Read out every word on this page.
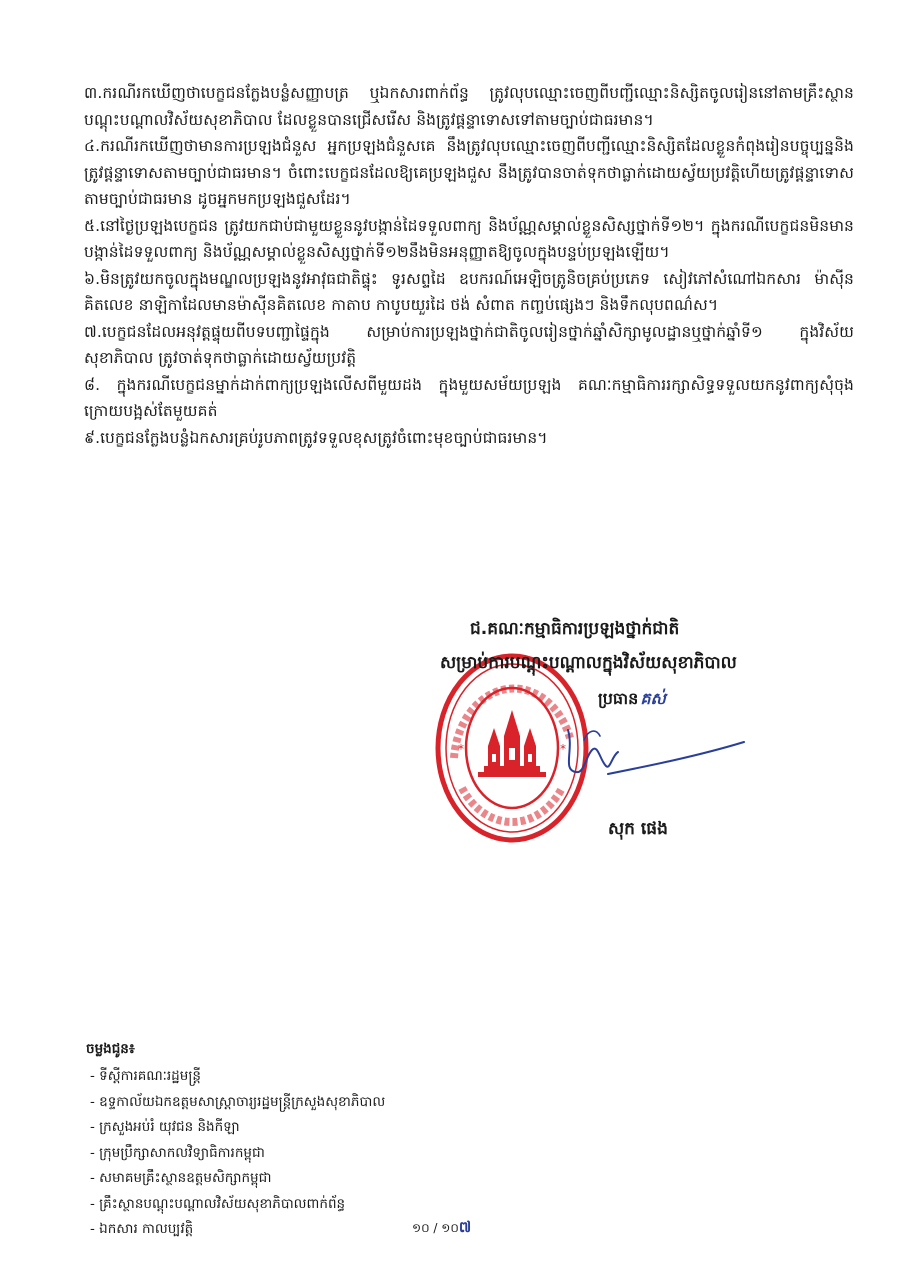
៣.ករណីរកឃើញថាបេក្ខជនក្លែងបន្លំសញ្ញាបត្រ ឬឯកសារពាក់ព័ន្ធ ត្រូវលុបឈ្មោះចេញពីបញ្ជីឈ្មោះនិស្សិតចូលរៀននៅតាមគ្រឹះស្ថានបណ្តុះបណ្តាលវិស័យសុខាភិបាល ដែលខ្លួនបានជ្រើសរើស និងត្រូវផ្តន្ទាទោសទៅតាមច្បាប់ជាធរមាន។

៤.ករណីរកឃើញថាមានការប្រឡងជំនួស អ្នកប្រឡងជំនួសគេ នឹងត្រូវលុបឈ្មោះចេញពីបញ្ជីឈ្មោះនិស្សិតដែលខ្លួនកំពុងរៀនបច្ចុប្បន្ននិងត្រូវផ្តន្ទាទោសតាមច្បាប់ជាធរមាន។ ចំពោះបេក្ខជនដែលឱ្យគេប្រឡងជួស នឹងត្រូវបានចាត់ទុកថាធ្លាក់ដោយស្វ័យប្រវត្តិហើយត្រូវផ្តន្ទាទោសតាមច្បាប់ជាធរមាន ដូចអ្នកមកប្រឡងជួសដែរ។

៥.នៅថ្ងៃប្រឡងបេក្ខជន ត្រូវយកជាប់ជាមួយខ្លួននូវបង្កាន់ដៃទទួលពាក្យ និងប័ណ្ណសម្គាល់ខ្លួនសិស្សថ្នាក់ទី១២។ ក្នុងករណីបេក្ខជនមិនមានបង្កាន់ដៃទទួលពាក្យ និងប័ណ្ណសម្គាល់ខ្លួនសិស្សថ្នាក់ទី១២នឹងមិនអនុញ្ញាតឱ្យចូលក្នុងបន្ទប់ប្រឡងឡើយ។

៦.មិនត្រូវយកចូលក្នុងមណ្ឌលប្រឡងនូវអាវុធជាតិផ្ទុះ ទូរសព្ទដៃ ឧបករណ៍អេឡិចត្រូនិចគ្រប់ប្រភេទ សៀវភៅសំណៅឯកសារ ម៉ាស៊ីនគិតលេខ នាឡិកាដែលមានម៉ាស៊ីនគិតលេខ កាតាប កាបូបយួរដៃ ថង់ សំពាត កញ្ចប់ផ្សេងៗ និងទឹកលុបពណ៌ស។

៧.បេក្ខជនដែលអនុវត្តផ្ទុយពីបទបញ្ជាផ្ទៃក្នុង សម្រាប់ការប្រឡងថ្នាក់ជាតិចូលរៀនថ្នាក់ឆ្នាំសិក្សាមូលដ្ឋានឬថ្នាក់ឆ្នាំទី១ ក្នុងវិស័យសុខាភិបាល ត្រូវចាត់ទុកថាធ្លាក់ដោយស្វ័យប្រវត្តិ

៨. ក្នុងករណីបេក្ខជនម្នាក់ដាក់ពាក្យប្រឡងលើសពីមួយដង ក្នុងមួយសម័យប្រឡង គណៈកម្មាធិការរក្សាសិទ្ធទទួលយកនូវពាក្យសុំចុងក្រោយបង្អស់តែមួយគត់

៩.បេក្ខជនក្លែងបន្លំឯកសារគ្រប់រូបភាពត្រូវទទួលខុសត្រូវចំពោះមុខច្បាប់ជាធរមាន។

*	*
ជ.គណៈកម្មាធិការប្រឡងថ្នាក់ជាតិ
សម្រាប់ការបណ្តុះបណ្តាលក្នុងវិស័យសុខាភិបាល
ប្រធាន គស់
សុក ផេង
ចម្លងជូន៖
- ទីស្តីការគណៈរដ្ឋមន្ត្រី
- ឧទ្ទកាល័យឯកឧត្តមសាស្ត្រាចារ្យរដ្ឋមន្ត្រីក្រសួងសុខាភិបាល
- ក្រសួងអប់រំ យុវជន និងកីឡា
- ក្រុមប្រឹក្សាសាកលវិទ្យាធិការកម្ពុជា
- សមាគមគ្រឹះស្ថានឧត្តមសិក្សាកម្ពុជា
- គ្រឹះស្ថានបណ្តុះបណ្តាលវិស័យសុខាភិបាលពាក់ព័ន្ធ
- ឯកសារ កាលប្បវត្តិ	១០ / ១០៧
